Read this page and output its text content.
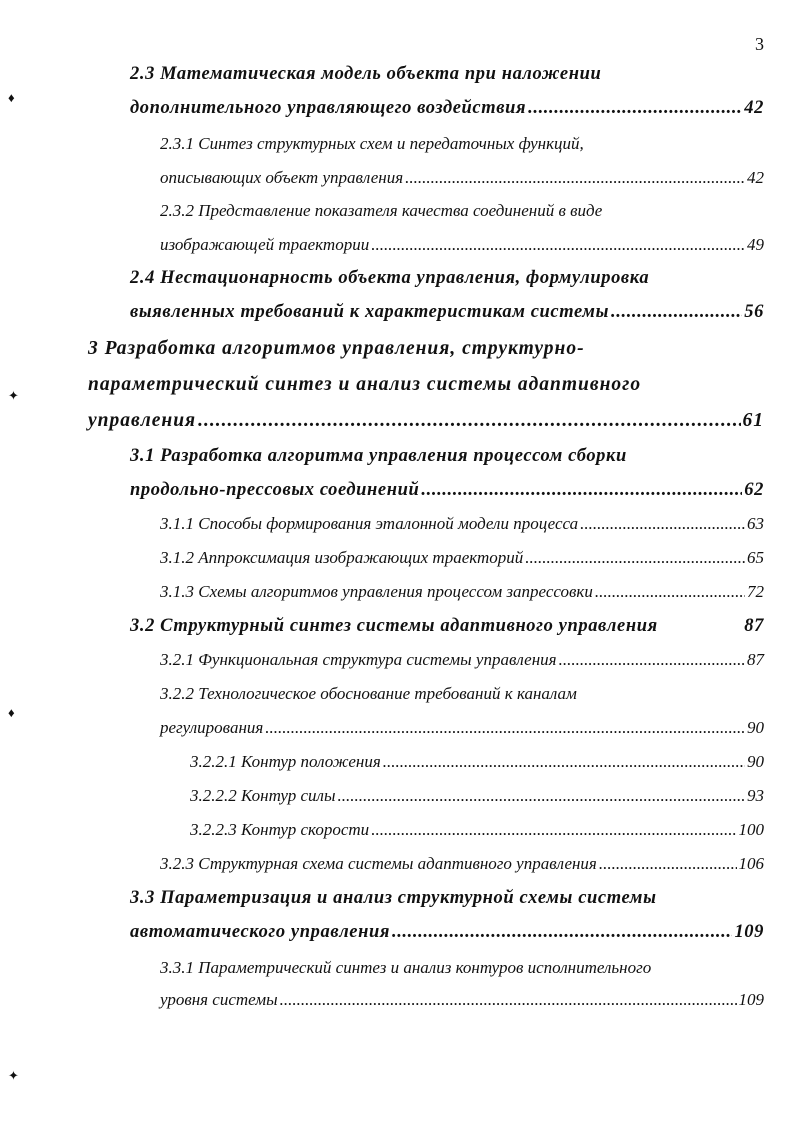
3
2.3 Математическая модель объекта при наложении
дополнительного управляющего воздействия .....	42
2.3.1 Синтез структурных схем и передаточных функций,
описывающих объект управления .....	42
2.3.2 Представление показателя качества соединений в виде
изображающей траектории .....	49
2.4 Нестационарность объекта управления, формулировка
выявленных требований к характеристикам системы .....	56
3 Разработка алгоритмов управления, структурно-
параметрический синтез и анализ системы адаптивного
управления .....	61
3.1 Разработка алгоритма управления процессом сборки
продольно-прессовых соединений .....	62
3.1.1 Способы формирования эталонной модели процесса .....	63
3.1.2 Аппроксимация изображающих траекторий .....	65
3.1.3 Схемы алгоритмов управления процессом запрессовки .....	72
3.2 Структурный синтез системы адаптивного управления	87
3.2.1 Функциональная структура системы управления .....	87
3.2.2 Технологическое обоснование требований к каналам
регулирования .....	90
3.2.2.1 Контур положения .....	90
3.2.2.2 Контур силы .....	93
3.2.2.3 Контур скорости .....	100
3.2.3 Структурная схема системы адаптивного управления .....	106
3.3 Параметризация и анализ структурной схемы системы
автоматического управления .....	109
3.3.1 Параметрический синтез и анализ контуров исполнительного
уровня системы .....	109
♦
✦
♦
✦
